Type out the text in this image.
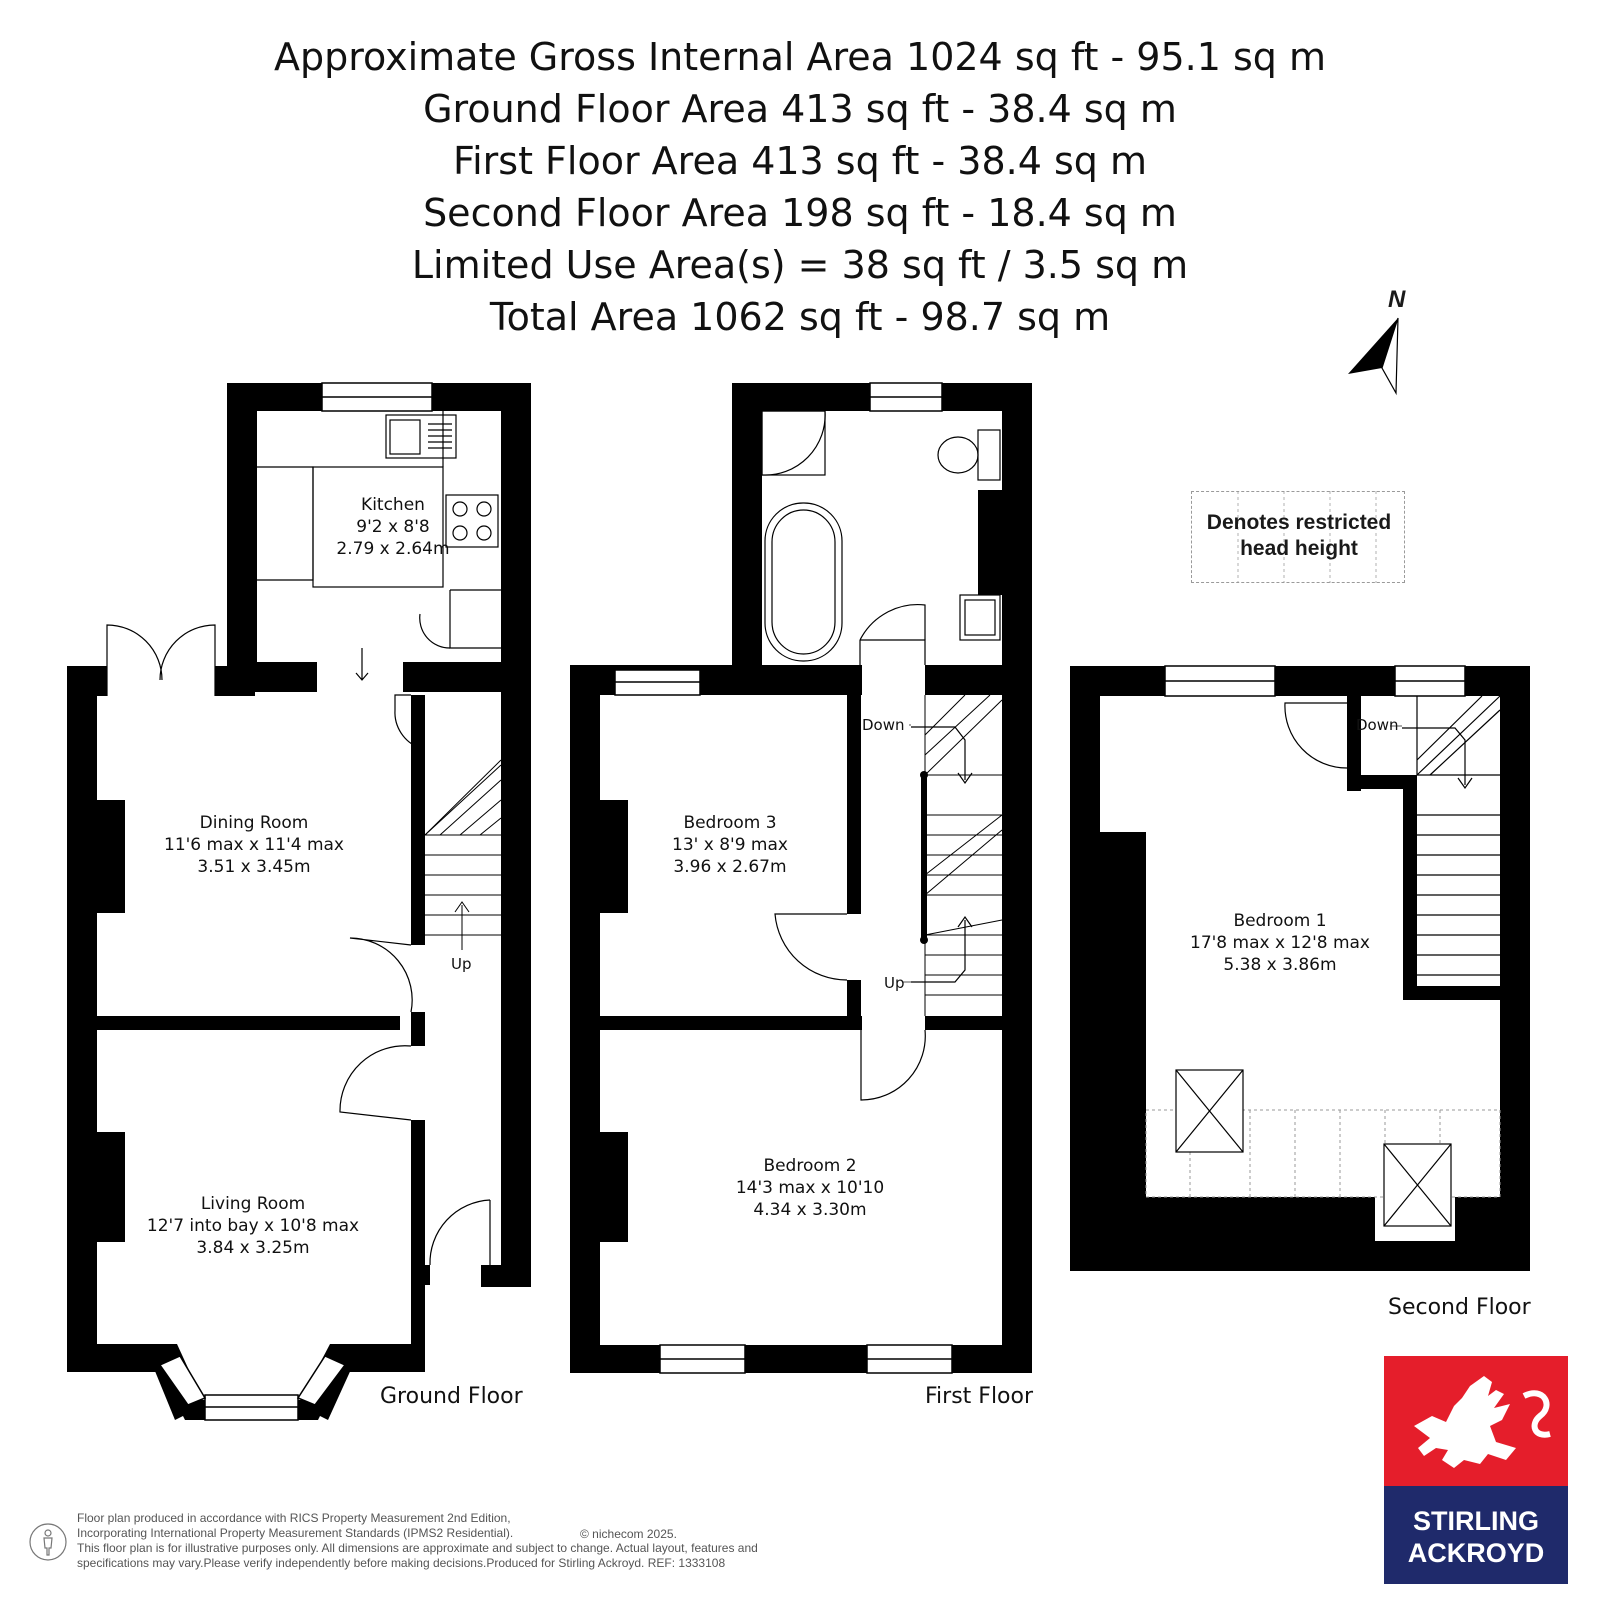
Approximate Gross Internal Area 1024 sq ft - 95.1 sq m
Ground Floor Area 413 sq ft - 38.4 sq m
First Floor Area 413 sq ft - 38.4 sq m
Second Floor Area 198 sq ft - 18.4 sq m
Limited Use Area(s) = 38 sq ft / 3.5 sq m
Total Area 1062 sq ft - 98.7 sq m	N
Denotes restricted
head height
Kitchen
9'2 x 8'8
2.79 x 2.64m
Dining Room
11'6 max x 11'4 max
3.51 x 3.45m
Living Room
12'7 into bay x 10'8 max
3.84 x 3.25m
Up
Ground Floor
Bedroom 3
13' x 8'9 max
3.96 x 2.67m
Bedroom 2
14'3 max x 10'10
4.34 x 3.30m
Down
Up
First Floor
Bedroom 1
17'8 max x 12'8 max
5.38 x 3.86m
Down
Second Floor
Floor plan produced in accordance with RICS Property Measurement 2nd Edition,
Incorporating International Property Measurement Standards (IPMS2 Residential).
This floor plan is for illustrative purposes only. All dimensions are approximate and subject to change. Actual layout, features and
specifications may vary.Please verify independently before making decisions.Produced for Stirling Ackroyd. REF: 1333108
© nichecom 2025.	STIRLING
ACKROYD
